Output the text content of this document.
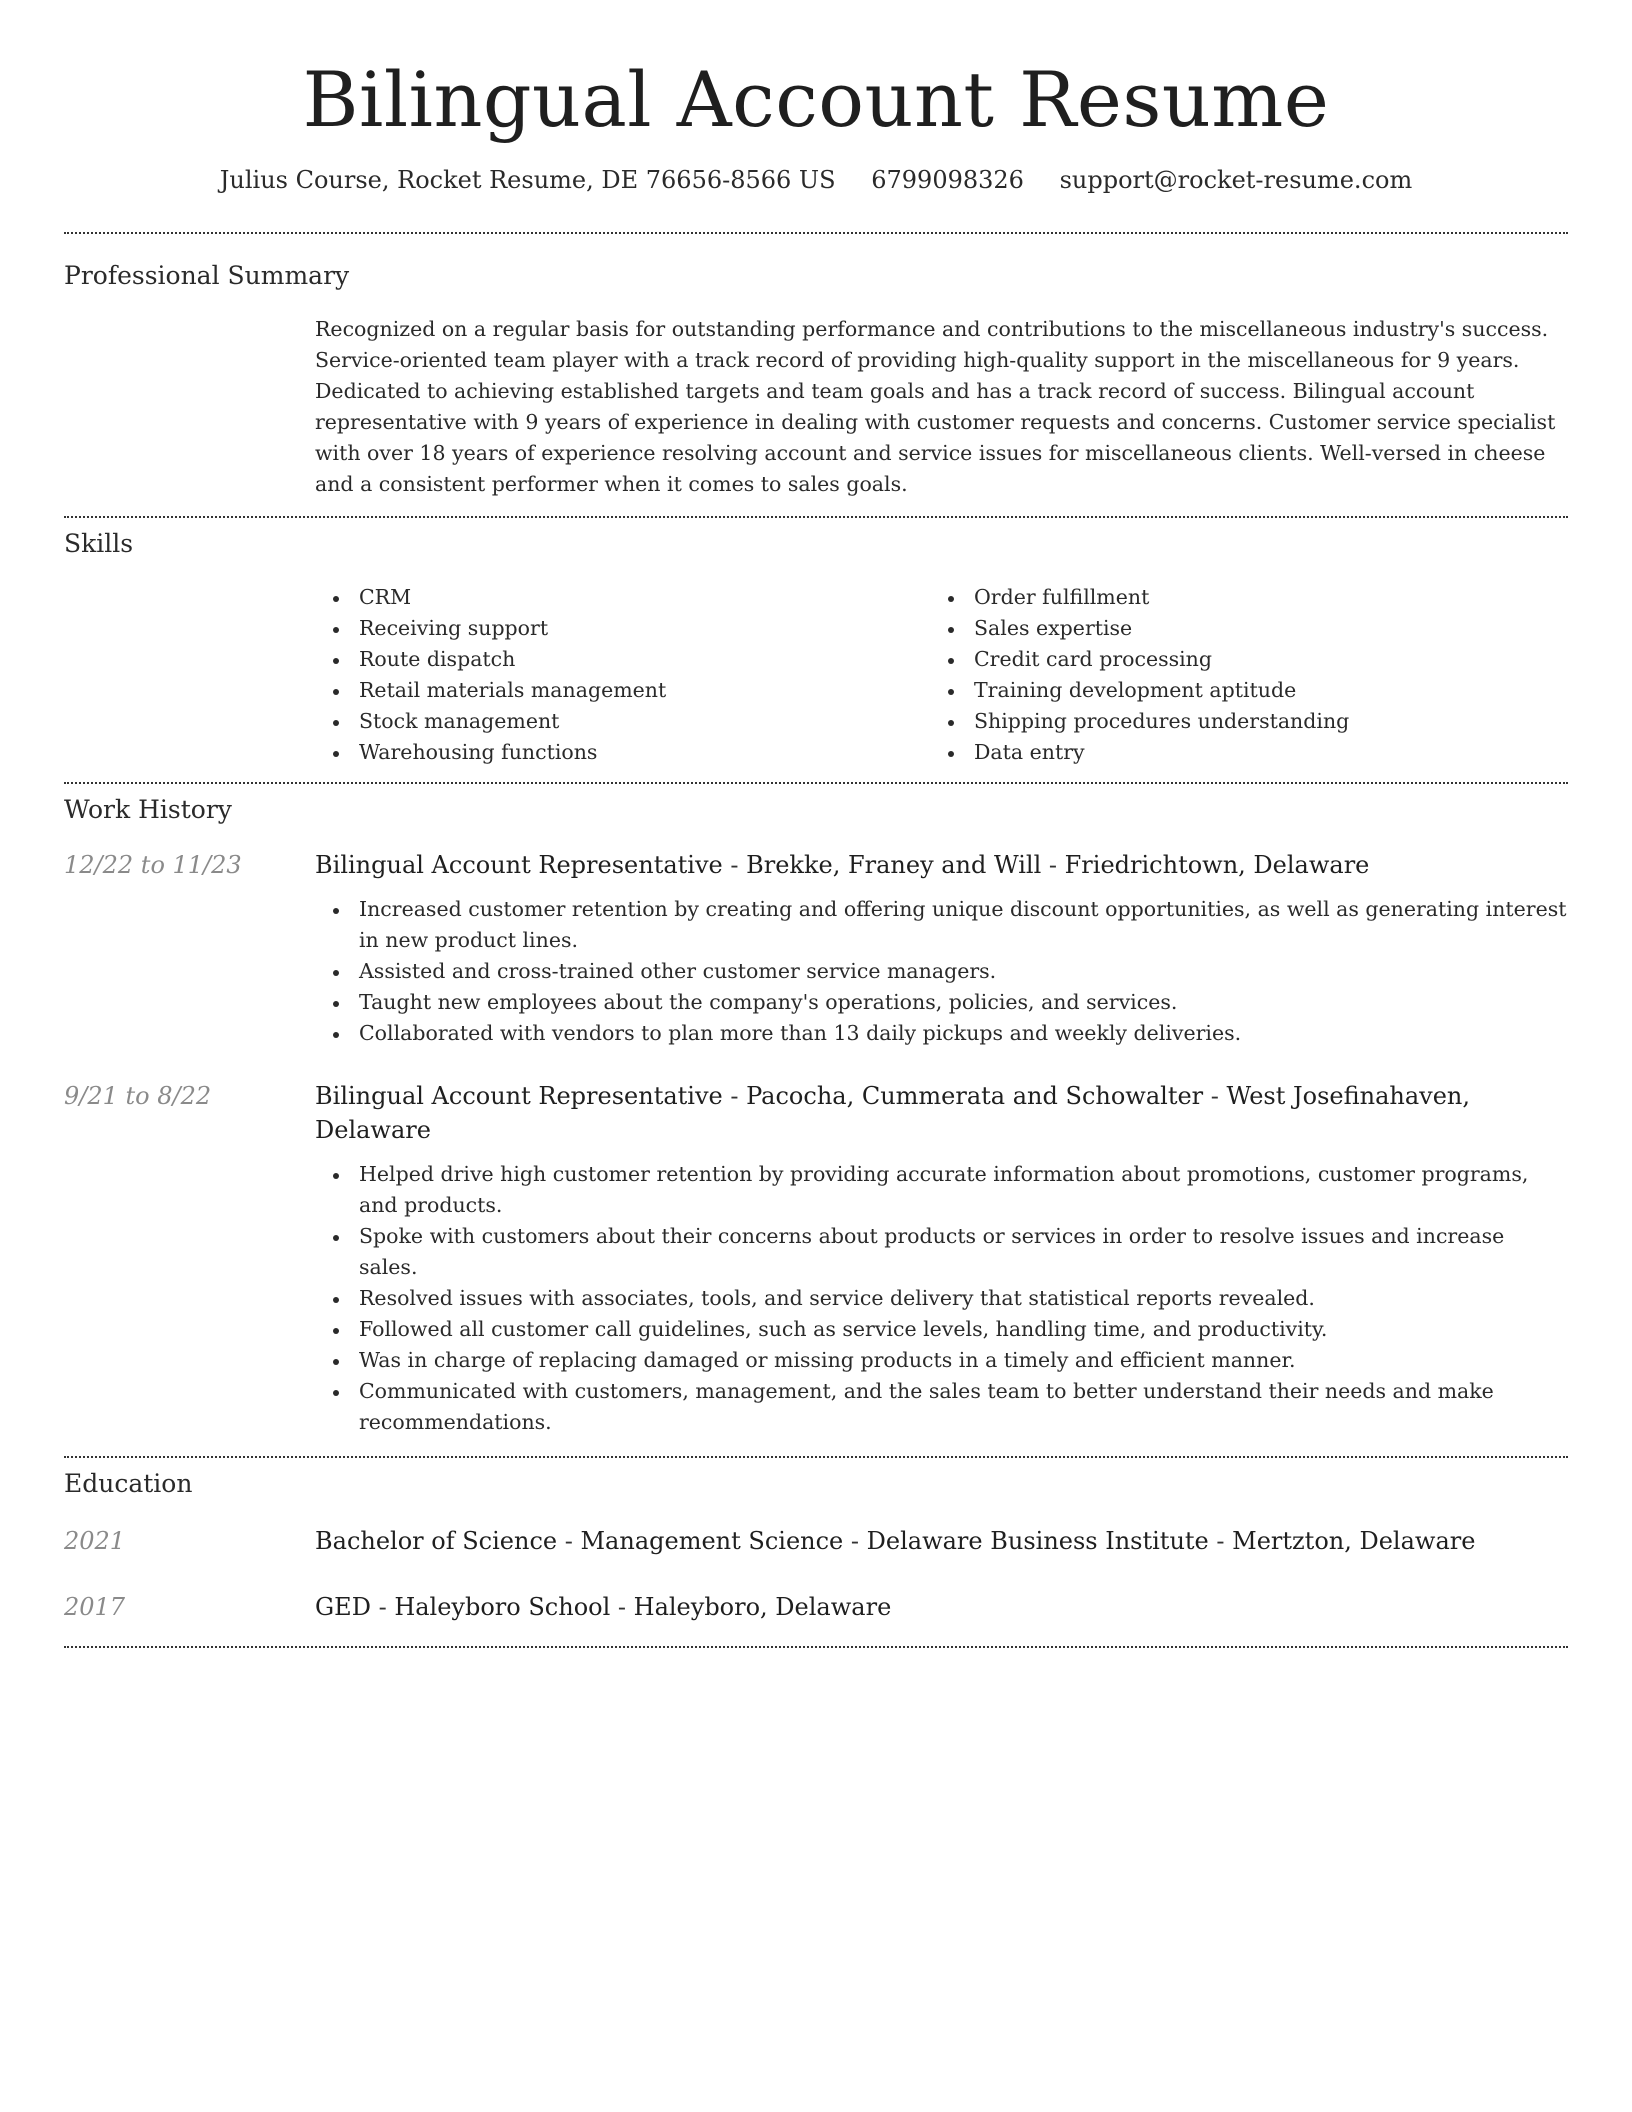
Bilingual Account Resume
Julius Course, Rocket Resume, DE 76656-8566 US 6799098326 support@rocket-resume.com
Professional Summary

Recognized on a regular basis for outstanding performance and contributions to the miscellaneous industry's success. Service-oriented team player with a track record of providing high-quality support in the miscellaneous for 9 years. Dedicated to achieving established targets and team goals and has a track record of success. Bilingual account representative with 9 years of experience in dealing with customer requests and concerns. Customer service specialist with over 18 years of experience resolving account and service issues for miscellaneous clients. Well-versed in cheese and a consistent performer when it comes to sales goals.

Skills
CRM
Receiving support
Route dispatch
Retail materials management
Stock management
Warehousing functions
Order fulfillment
Sales expertise
Credit card processing
Training development aptitude
Shipping procedures understanding
Data entry
Work History
12/22 to 11/23	Bilingual Account Representative - Brekke, Franey and Will - Friedrichtown, Delaware
Increased customer retention by creating and offering unique discount opportunities, as well as generating interest in new product lines.
Assisted and cross-trained other customer service managers.
Taught new employees about the company's operations, policies, and services.
Collaborated with vendors to plan more than 13 daily pickups and weekly deliveries.
9/21 to 8/22	Bilingual Account Representative - Pacocha, Cummerata and Schowalter - West Josefinahaven, Delaware
Helped drive high customer retention by providing accurate information about promotions, customer programs, and products.
Spoke with customers about their concerns about products or services in order to resolve issues and increase sales.
Resolved issues with associates, tools, and service delivery that statistical reports revealed.
Followed all customer call guidelines, such as service levels, handling time, and productivity.
Was in charge of replacing damaged or missing products in a timely and efficient manner.
Communicated with customers, management, and the sales team to better understand their needs and make recommendations.
Education
2021	Bachelor of Science - Management Science - Delaware Business Institute - Mertzton, Delaware
2017	GED - Haleyboro School - Haleyboro, Delaware
